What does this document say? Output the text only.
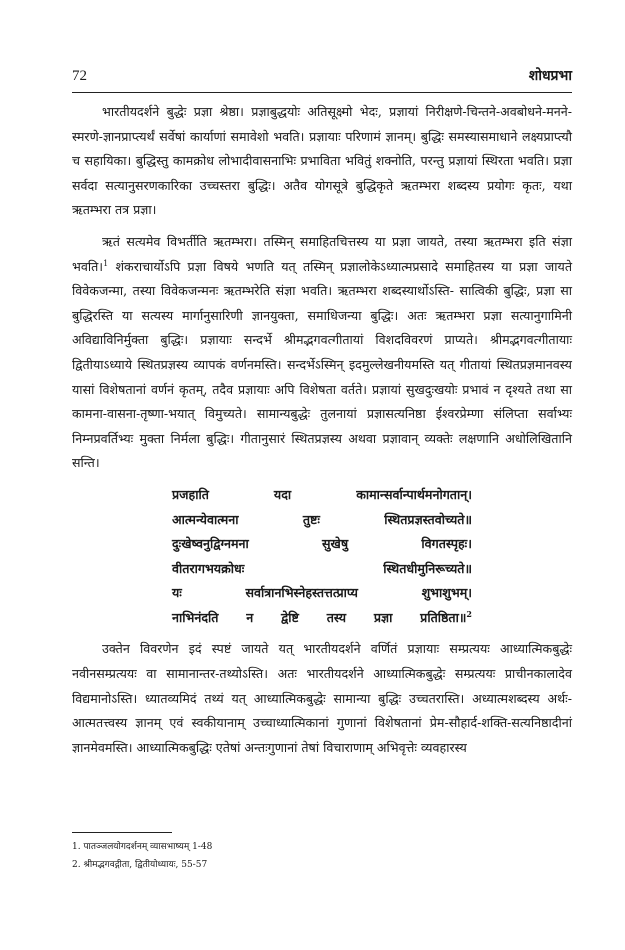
72	शोधप्रभा

भारतीयदर्शने बुद्धेः प्रज्ञा श्रेष्ठा। प्रज्ञाबुद्धयोः अतिसूक्ष्मो भेदः, प्रज्ञायां निरीक्षणे-चिन्तने-अवबोधने-मनने-स्मरणे-ज्ञानप्राप्त्यर्थं सर्वेषां कार्याणां समावेशो भवति। प्रज्ञायाः परिणामं ज्ञानम्। बुद्धिः समस्यासमाधाने लक्ष्यप्राप्त्यौ च सहायिका। बुद्धिस्तु कामक्रोध लोभादीवासनाभिः प्रभाविता भवितुं शक्नोति, परन्तु प्रज्ञायां स्थिरता भवति। प्रज्ञा सर्वदा सत्यानुसरणकारिका उच्चस्तरा बुद्धिः। अतैव योगसूत्रे बुद्धिकृते ऋतम्भरा शब्दस्य प्रयोगः कृतः, यथा ऋतम्भरा तत्र प्रज्ञा।

ऋतं सत्यमेव विभर्तीति ऋतम्भरा। तस्मिन् समाहितचित्तस्य या प्रज्ञा जायते, तस्या ऋतम्भरा इति संज्ञा भवति।$^1$ शंकराचार्योऽपि प्रज्ञा विषये भणति यत् तस्मिन् प्रज्ञालोकेऽध्यात्मप्रसादे समाहितस्य या प्रज्ञा जायते विवेकजन्मा, तस्या विवेकजन्मनः ऋतम्भरेति संज्ञा भवति। ऋतम्भरा शब्दस्यार्थोऽस्ति- सात्विकी बुद्धिः, प्रज्ञा सा बुद्धिरस्ति या सत्यस्य मार्गानुसारिणी ज्ञानयुक्ता, समाधिजन्या बुद्धिः। अतः ऋतम्भरा प्रज्ञा सत्यानुगामिनी अविद्याविनिर्मुक्ता बुद्धिः। प्रज्ञायाः सन्दर्भे श्रीमद्भगवत्गीतायां विशदविवरणं प्राप्यते। श्रीमद्भगवत्गीतायाः द्वितीयाऽध्याये स्थितप्रज्ञस्य व्यापकं वर्णनमस्ति। सन्दर्भेऽस्मिन् इदमुल्लेखनीयमस्ति यत् गीतायां स्थितप्रज्ञमानवस्य यासां विशेषतानां वर्णनं कृतम्, तदैव प्रज्ञायाः अपि विशेषता वर्तते। प्रज्ञायां सुखदुःखयोः प्रभावं न दृश्यते तथा सा कामना-वासना-तृष्णा-भयात् विमुच्यते। सामान्यबुद्धेः तुलनायां प्रज्ञासत्यनिष्ठा ईश्वरप्रेम्णा संलिप्ता सर्वाभ्यः निम्नप्रवर्तिभ्यः मुक्ता निर्मला बुद्धिः। गीतानुसारं स्थितप्रज्ञस्य अथवा प्रज्ञावान् व्यक्तेः लक्षणानि अधोलिखितानि सन्ति।

प्रजहाति यदा कामान्सर्वान्पार्थमनोगतान्।
आत्मन्येवात्मना तुष्टः स्थितप्रज्ञस्तवोच्यते॥
दुःखेष्वनुद्विग्नमना सुखेषु विगतस्पृहः।
वीतरागभयक्रोधः स्थितधीमुनिरूच्यते॥
यः सर्वात्रानभिस्नेहस्तत्तत्प्राप्य शुभाशुभम्।
नाभिनंदति न द्वेष्टि तस्य प्रज्ञा प्रतिष्ठिता॥$^2$

उक्तेन विवरणेन इदं स्पष्टं जायते यत् भारतीयदर्शने वर्णितं प्रज्ञायाः सम्प्रत्ययः आध्यात्मिकबुद्धेः नवीनसम्प्रत्ययः वा सामानान्तर-तथ्योऽस्ति। अतः भारतीयदर्शने आध्यात्मिकबुद्धेः सम्प्रत्ययः प्राचीनकालादेव विद्यमानोऽस्ति। ध्यातव्यमिदं तथ्यं यत् आध्यात्मिकबुद्धेः सामान्या बुद्धिः उच्चतरास्ति। अध्यात्मशब्दस्य अर्थः- आत्मतत्त्वस्य ज्ञानम् एवं स्वकीयानाम् उच्चाध्यात्मिकानां गुणानां विशेषतानां प्रेम-सौहार्द-शक्ति-सत्यनिष्ठादीनां ज्ञानमेवमस्ति। आध्यात्मिकबुद्धिः एतेषां अन्तःगुणानां तेषां विचाराणाम् अभिवृत्तेः व्यवहारस्य

1. पातञ्जलयोगदर्शनम् व्यासभाष्यम् 1-48
2. श्रीमद्भगवद्गीता, द्वितीयोध्यायः, 55-57
